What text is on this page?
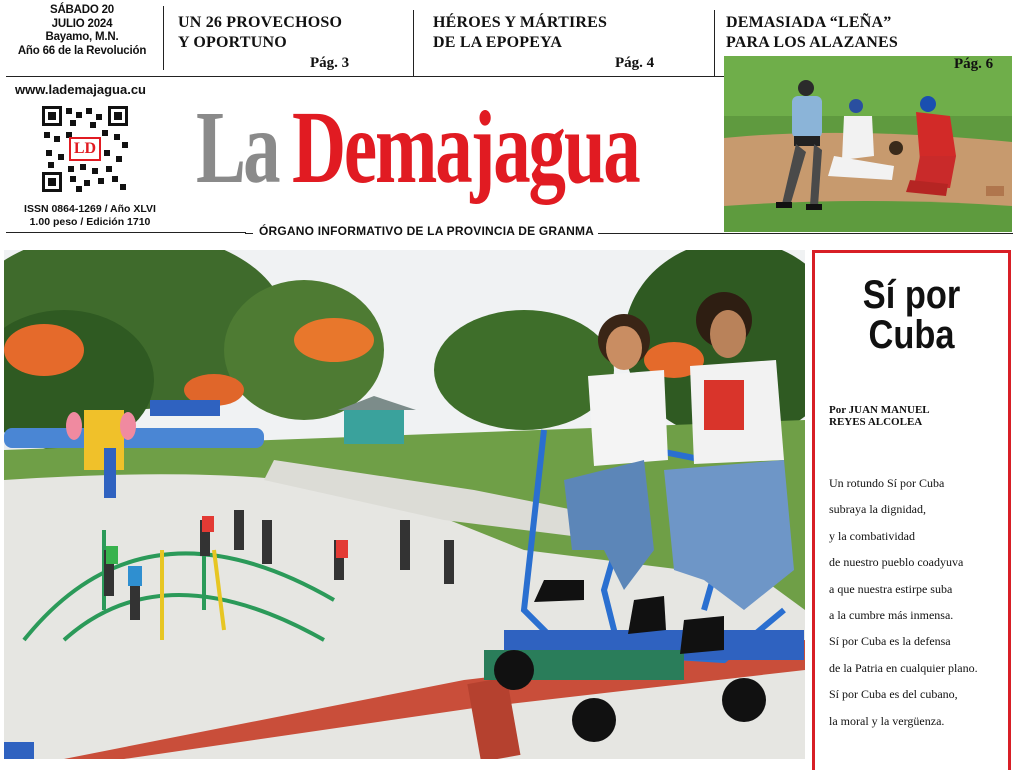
SÁBADO 20
JULIO 2024
Bayamo, M.N.
Año 66 de la Revolución
UN 26 PROVECHOSO
Y OPORTUNO
Pág. 3
HÉROES Y MÁRTIRES
DE LA EPOPEYA
Pág. 4
DEMASIADA “LEÑA”
PARA LOS ALAZANES
Pág. 6
www.lademajagua.cu
LD
ISSN 0864-1269 / Año XLVI
1.00 peso / Edición 1710
La Demajagua
ÓRGANO INFORMATIVO DE LA PROVINCIA DE GRANMA
Sí por
Cuba
Por JUAN MANUEL
REYES ALCOLEA
Un rotundo Sí por Cuba
subraya la dignidad,
y la combatividad
de nuestro pueblo coadyuva
a que nuestra estirpe suba
a la cumbre más inmensa.
Sí por Cuba es la defensa
de la Patria en cualquier plano.
Sí por Cuba es del cubano,
la moral y la vergüenza.
